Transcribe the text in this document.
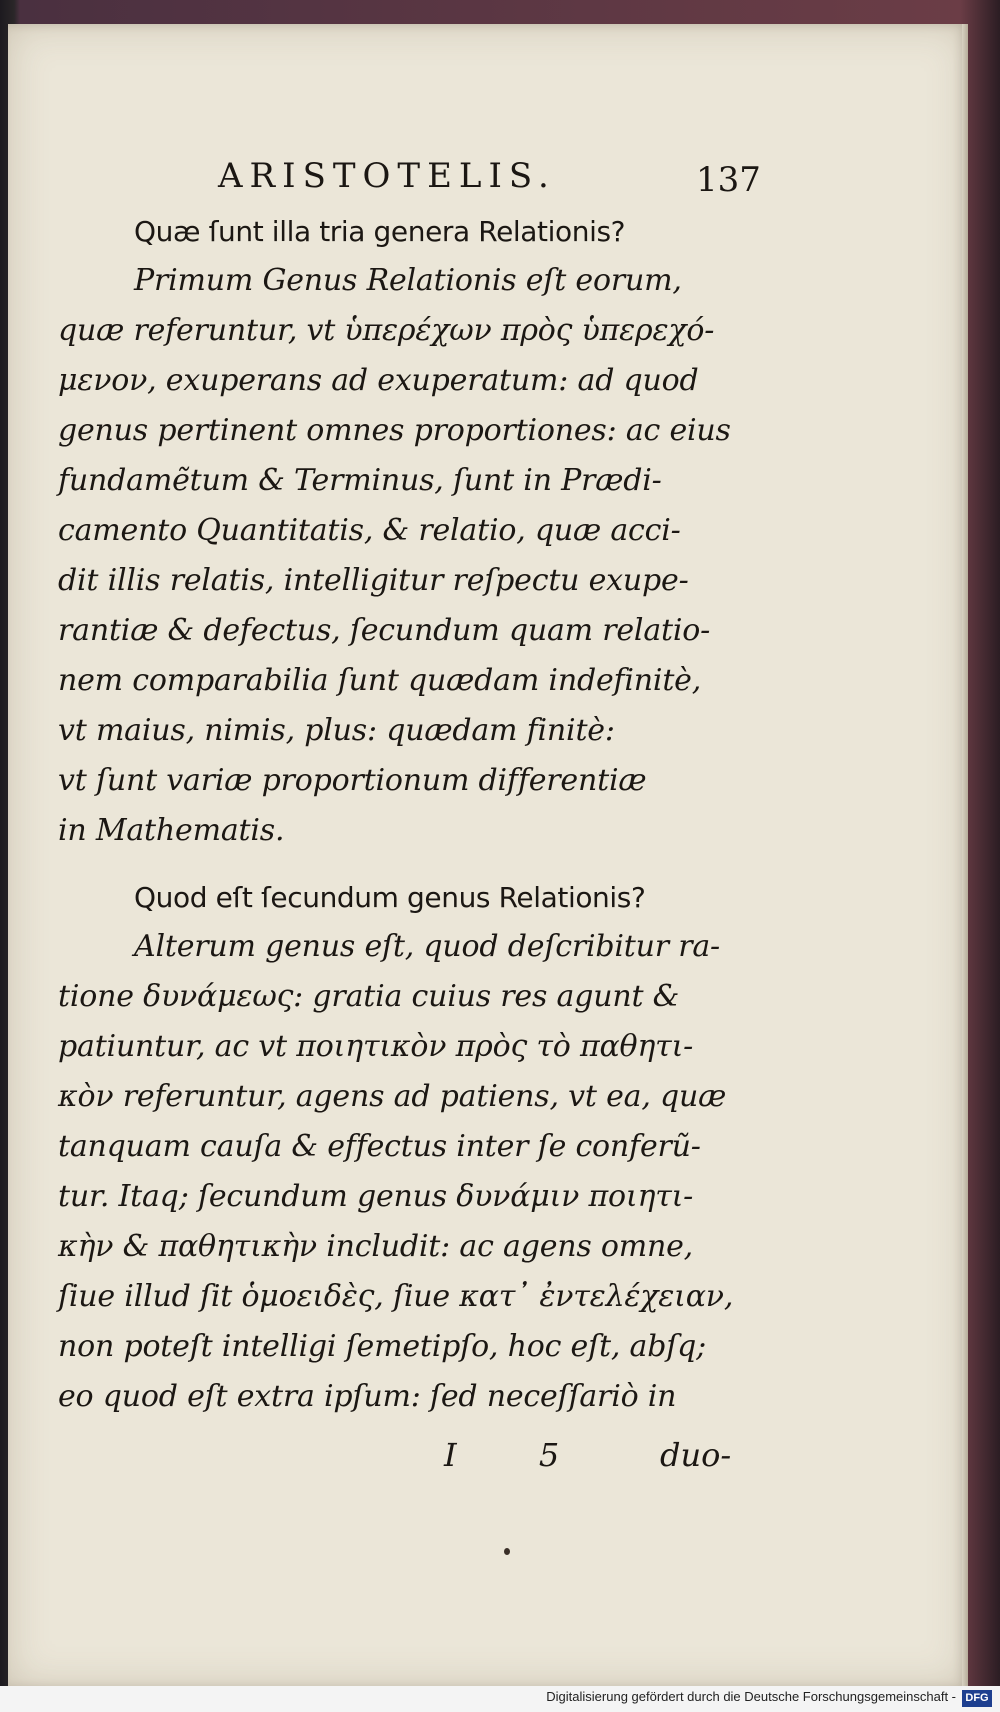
ARISTOTELIS.	137
Quæ ſunt illa tria genera Relationis?
Primum Genus Relationis eſt eorum,
quæ referuntur, vt ὑπερέχων πρὸς ὑπερεχό-
μενον, exuperans ad exuperatum: ad quod
genus pertinent omnes proportiones: ac eius
fundamẽtum & Terminus, ſunt in Prædi-
camento Quantitatis, & relatio, quæ acci-
dit illis relatis, intelligitur reſpectu exupe-
rantiæ & defectus, ſecundum quam relatio-
nem comparabilia ſunt quædam indefinitè,
vt maius, nimis, plus: quædam finitè:
vt ſunt variæ proportionum differentiæ
in Mathematis.
Quod eſt ſecundum genus Relationis?
Alterum genus eſt, quod deſcribitur ra-
tione δυνάμεως: gratia cuius res agunt &
patiuntur, ac vt ποιητικὸν πρὸς τὸ παθητι-
κὸν referuntur, agens ad patiens, vt ea, quæ
tanquam cauſa & effectus inter ſe conferũ-
tur. Itaq; ſecundum genus δυνάμιν ποιητι-
κὴν & παθητικὴν includit: ac agens omne,
ſiue illud ſit ὁμοειδὲς, ſiue κατ᾽ ἐντελέχειαν,
non poteſt intelligi ſemetipſo, hoc eſt, abſq;
eo quod eſt extra ipſum: ſed neceſſariò in
I 5 duo-
Digitalisierung gefördert durch die Deutsche Forschungsgemeinschaft - DFG
